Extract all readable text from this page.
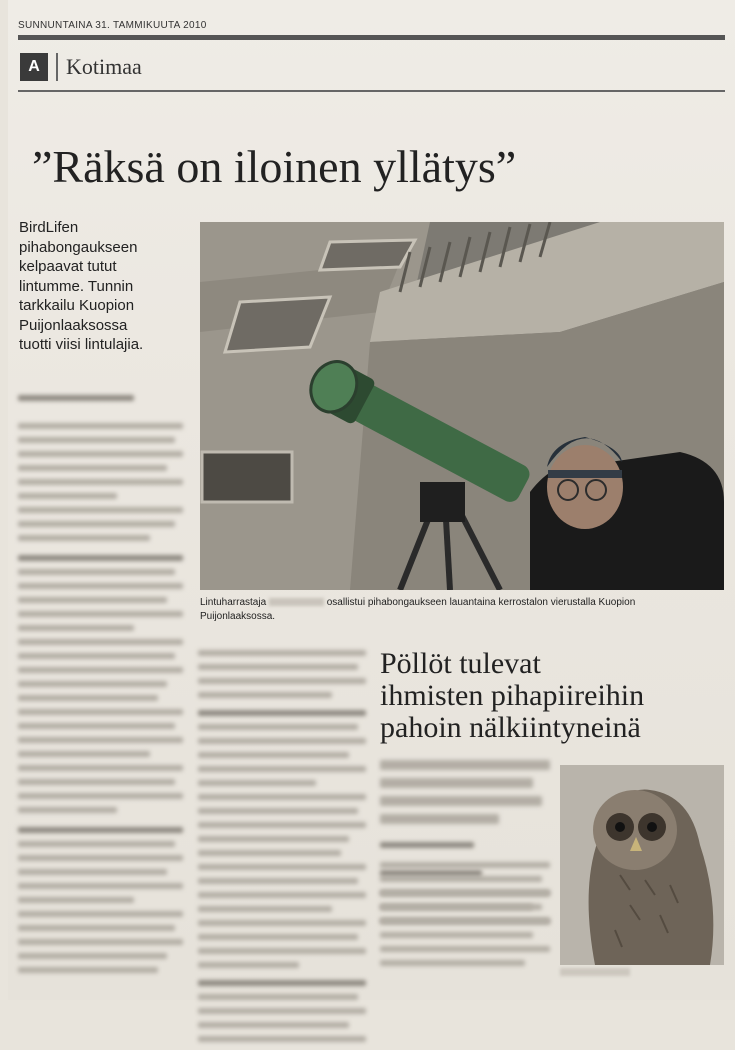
SUNNUNTAINA 31. TAMMIKUUTA 2010
A	Kotimaa
”Räksä on iloinen yllätys”

BirdLifen
pihabongaukseen
kelpaavat tutut
lintumme. Tunnin
tarkkailu Kuopion
Puijonlaaksossa
tuotti viisi lintulajia.

Lintuharrastaja	osallistui pihabongaukseen lauantaina kerrostalon vierustalla Kuopion
Puijonlaaksossa.

Pöllöt tulevat
ihmisten pihapiireihin
pahoin nälkiintyneinä
